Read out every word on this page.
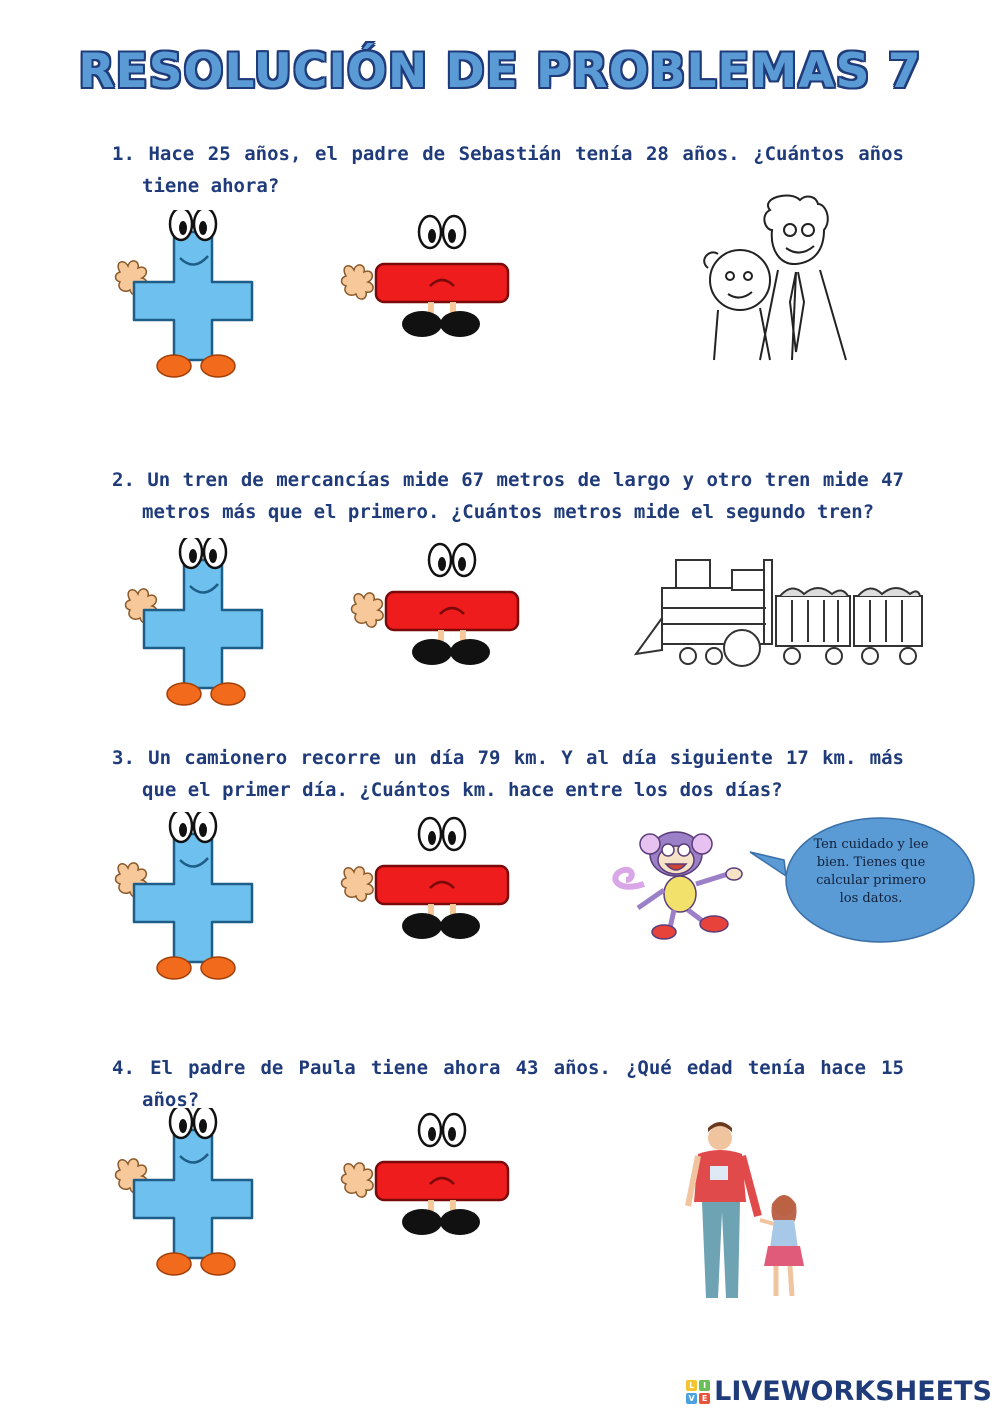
RESOLUCIÓN DE PROBLEMAS 7
1. Hace 25 años, el padre de Sebastián tenía 28 años. ¿Cuántos años tiene ahora?
2. Un tren de mercancías mide 67 metros de largo y otro tren mide 47 metros más que el primero. ¿Cuántos metros mide el segundo tren?
3. Un camionero recorre un día 79 km. Y al día siguiente 17 km. más que el primer día. ¿Cuántos km. hace entre los dos días?
Ten cuidado y lee bien. Tienes que calcular primero los datos.
4. El padre de Paula tiene ahora 43 años. ¿Qué edad tenía hace 15 años?
L	I
V E LIVEWORKSHEETS
